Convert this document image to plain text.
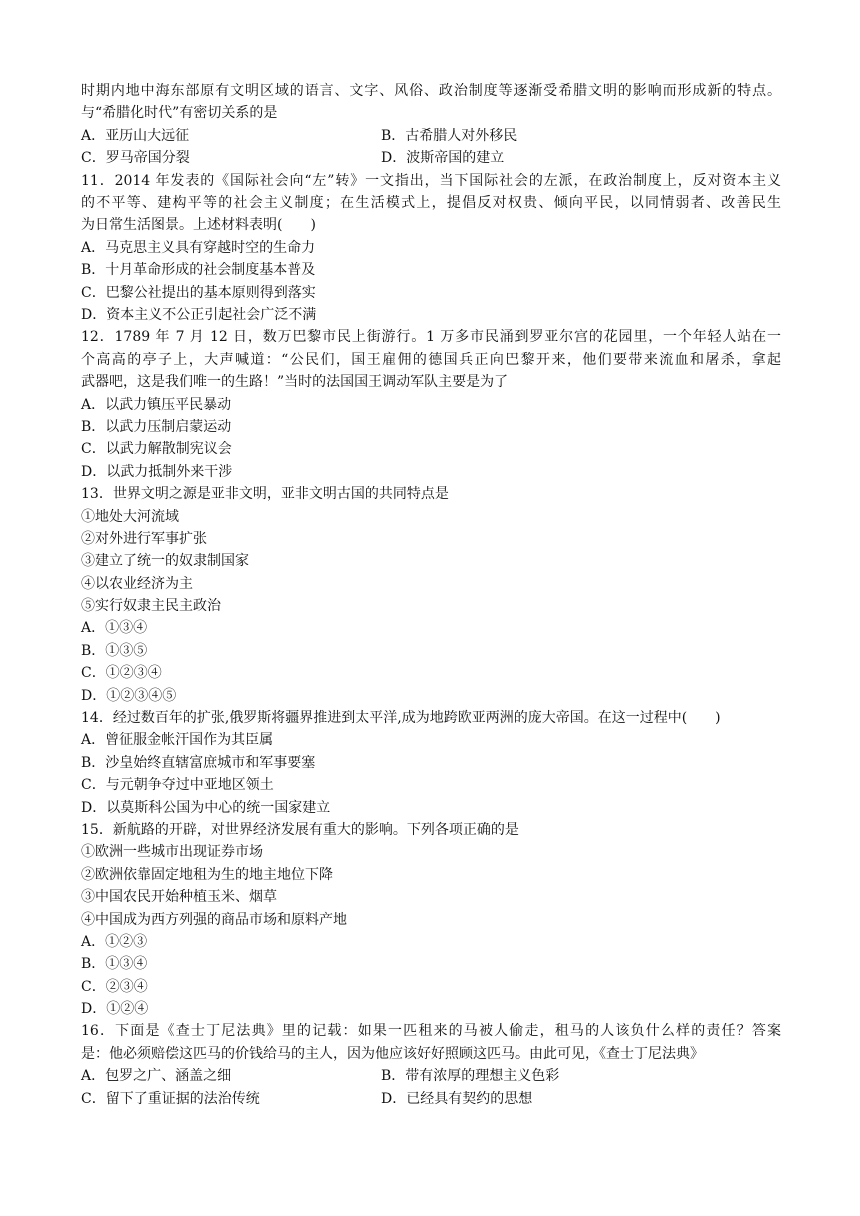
时期内地中海东部原有文明区域的语言、文字、风俗、政治制度等逐渐受希腊文明的影响而形成新的特点。
与“希腊化时代”有密切关系的是
A．亚历山大远征	B．古希腊人对外移民
C．罗马帝国分裂	D．波斯帝国的建立
11．2014 年发表的《国际社会向“左”转》一文指出，当下国际社会的左派，在政治制度上，反对资本主义
的不平等、建构平等的社会主义制度；在生活模式上，提倡反对权贵、倾向平民，以同情弱者、改善民生
为日常生活图景。上述材料表明(　　)
A．马克思主义具有穿越时空的生命力
B．十月革命形成的社会制度基本普及
C．巴黎公社提出的基本原则得到落实
D．资本主义不公正引起社会广泛不满
12．1789 年 7 月 12 日，数万巴黎市民上街游行。1 万多市民涌到罗亚尔宫的花园里，一个年轻人站在一
个高高的亭子上，大声喊道：“公民们，国王雇佣的德国兵正向巴黎开来，他们要带来流血和屠杀，拿起
武器吧，这是我们唯一的生路！”当时的法国国王调动军队主要是为了
A．以武力镇压平民暴动
B．以武力压制启蒙运动
C．以武力解散制宪议会
D．以武力抵制外来干涉
13．世界文明之源是亚非文明，亚非文明古国的共同特点是
①地处大河流域
②对外进行军事扩张
③建立了统一的奴隶制国家
④以农业经济为主
⑤实行奴隶主民主政治
A．①③④
B．①③⑤
C．①②③④
D．①②③④⑤
14．经过数百年的扩张,俄罗斯将疆界推进到太平洋,成为地跨欧亚两洲的庞大帝国。在这一过程中(　　)
A．曾征服金帐汗国作为其臣属
B．沙皇始终直辖富庶城市和军事要塞
C．与元朝争夺过中亚地区领土
D．以莫斯科公国为中心的统一国家建立
15．新航路的开辟，对世界经济发展有重大的影响。下列各项正确的是
①欧洲一些城市出现证券市场
②欧洲依靠固定地租为生的地主地位下降
③中国农民开始种植玉米、烟草
④中国成为西方列强的商品市场和原料产地
A．①②③
B．①③④
C．②③④
D．①②④
16．下面是《查士丁尼法典》里的记载：如果一匹租来的马被人偷走，租马的人该负什么样的责任？答案
是：他必须赔偿这匹马的价钱给马的主人，因为他应该好好照顾这匹马。由此可见，《查士丁尼法典》
A．包罗之广、涵盖之细	B．带有浓厚的理想主义色彩
C．留下了重证据的法治传统	D．已经具有契约的思想
